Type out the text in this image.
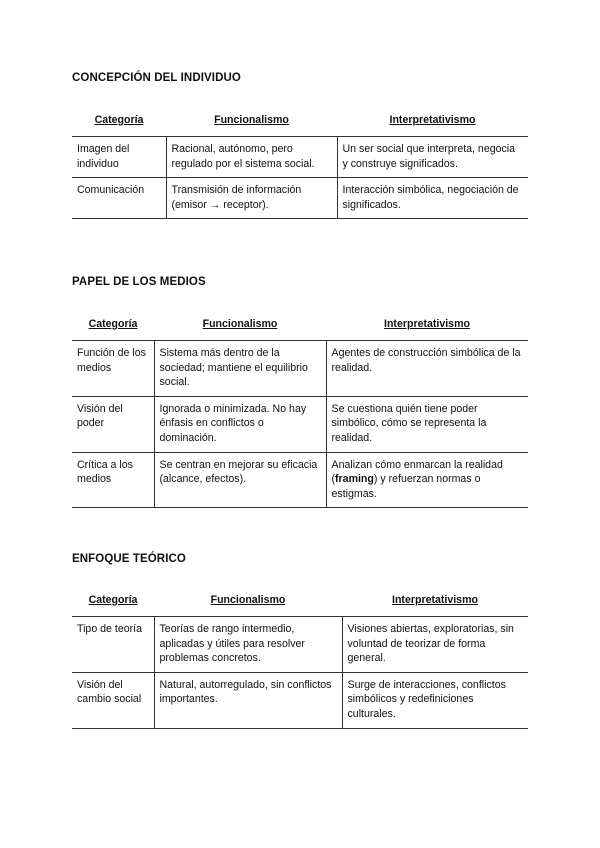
CONCEPCIÓN DEL INDIVIDUO
Categoría	Funcionalismo	Interpretativismo
Imagen del individuo	Racional, autónomo, pero regulado por el sistema social.	Un ser social que interpreta, negocia y construye significados.
Comunicación	Transmisión de información (emisor → receptor).	Interacción simbólica, negociación de significados.
PAPEL DE LOS MEDIOS
Categoría	Funcionalismo	Interpretativismo
Función de los medios	Sistema más dentro de la sociedad; mantiene el equilibrio social.	Agentes de construcción simbólica de la realidad.
Visión del poder	Ignorada o minimizada. No hay énfasis en conflictos o dominación.	Se cuestiona quién tiene poder simbólico, cómo se representa la realidad.
Crítica a los medios	Se centran en mejorar su eficacia (alcance, efectos).	Analizan cómo enmarcan la realidad (framing) y refuerzan normas o estigmas.
ENFOQUE TEÓRICO
Categoría	Funcionalismo	Interpretativismo
Tipo de teoría	Teorías de rango intermedio, aplicadas y útiles para resolver problemas concretos.	Visiones abiertas, exploratorias, sin voluntad de teorizar de forma general.
Visión del cambio social	Natural, autorregulado, sin conflictos importantes.	Surge de interacciones, conflictos simbólicos y redefiniciones culturales.
